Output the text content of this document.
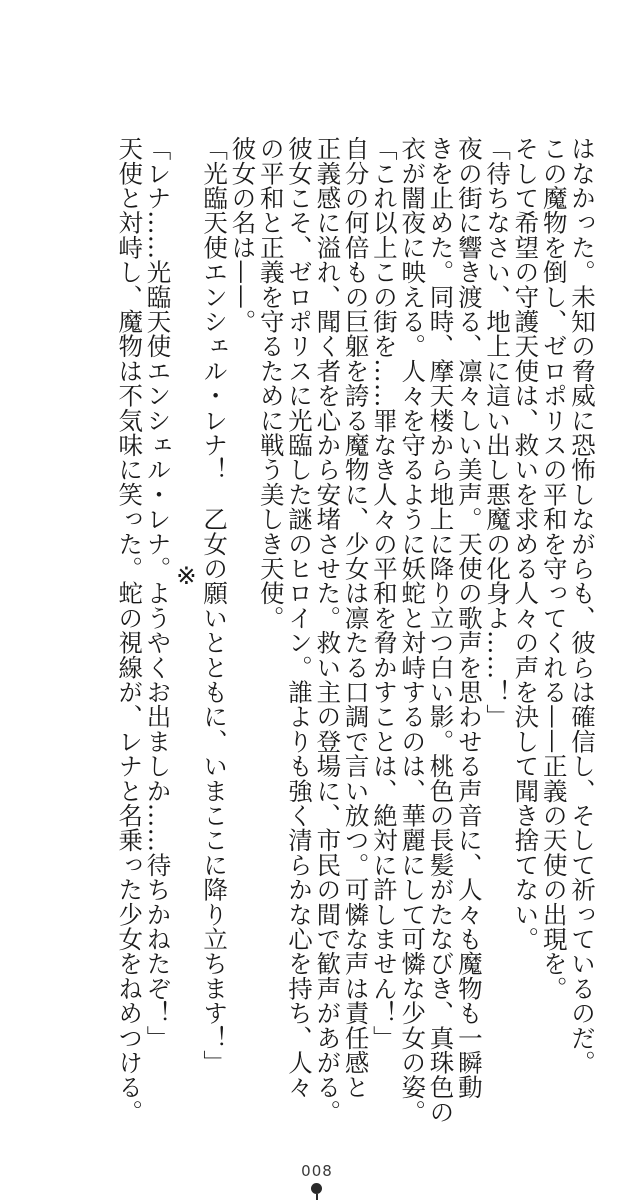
はなかった。未知の脅威に恐怖しながらも、彼らは確信し、そして祈っているのだ。
この魔物を倒し、ゼロポリスの平和を守ってくれる——正義の天使の出現を。
そして希望の守護天使は、救いを求める人々の声を決して聞き捨てない。
「待ちなさい、地上に這い出し悪魔の化身よ……！」
夜の街に響き渡る、凛々しい美声。天使の歌声を思わせる声音に、人々も魔物も一瞬動
きを止めた。同時、摩天楼から地上に降り立つ白い影。桃色の長髪がたなびき、真珠色の
衣が闇夜に映える。人々を守るように妖蛇と対峙するのは、華麗にして可憐な少女の姿。
「これ以上この街を……罪なき人々の平和を脅かすことは、絶対に許しません！」
自分の何倍もの巨躯を誇る魔物に、少女は凛たる口調で言い放つ。可憐な声は責任感と
正義感に溢れ、聞く者を心から安堵させた。救い主の登場に、市民の間で歓声があがる。
彼女こそ、ゼロポリスに光臨した謎のヒロイン。誰よりも強く清らかな心を持ち、人々
の平和と正義を守るために戦う美しき天使。
彼女の名は——。
「光臨天使エンシェル・レナ！　乙女の願いとともに、いまここに降り立ちます！」
※
「レナ……光臨天使エンシェル・レナ。ようやくお出ましか……待ちかねたぞ！」
天使と対峙し、魔物は不気味に笑った。蛇の視線が、レナと名乗った少女をねめつける。
008
